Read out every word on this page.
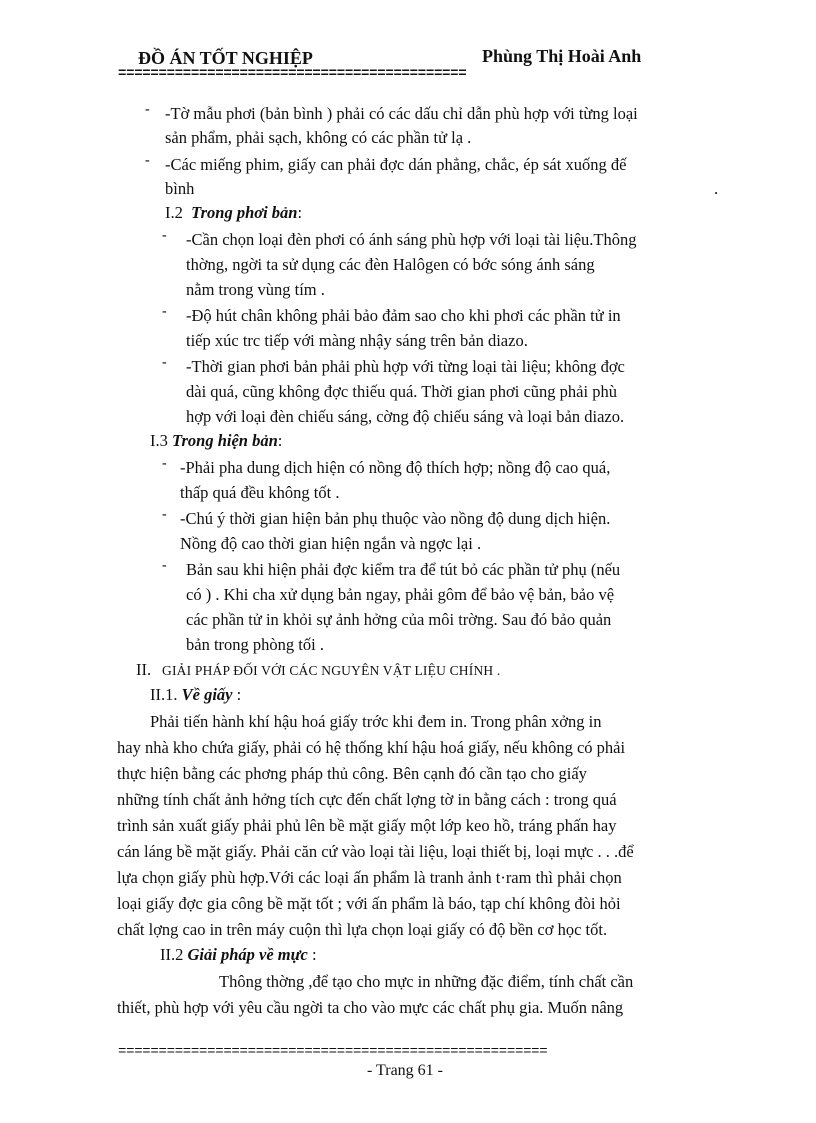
ĐỒ ÁN TỐT NGHIỆP	Phùng Thị Hoài Anh
===========================================
- -Tờ mẫu phơi (bản bình ) phải có các dấu chỉ dẫn phù hợp với từng loại
sản phẩm, phải sạch, không có các phần tử lạ .
- -Các miếng phim, giấy can phải đợc dán phẳng, chắc, ép sát xuống đế
bình	.
I.2 Trong phơi bản:
- -Cần chọn loại đèn phơi có ánh sáng phù hợp với loại tài liệu.Thông
thờng, ngời ta sử dụng các đèn Halôgen có bớc sóng ánh sáng
nằm trong vùng tím .
- -Độ hút chân không phải bảo đảm sao cho khi phơi các phần tử in
tiếp xúc trc tiếp với màng nhậy sáng trên bản diazo.
- -Thời gian phơi bản phải phù hợp với từng loại tài liệu; không đợc
dài quá, cũng không đợc thiếu quá. Thời gian phơi cũng phải phù
hợp với loại đèn chiếu sáng, cờng độ chiếu sáng và loại bản diazo.
I.3 Trong hiện bản:
- -Phải pha dung dịch hiện có nồng độ thích hợp; nồng độ cao quá,
thấp quá đều không tốt .
- -Chú ý thời gian hiện bản phụ thuộc vào nồng độ dung dịch hiện.
Nồng độ cao thời gian hiện ngắn và ngợc lại .
- Bản sau khi hiện phải đợc kiểm tra để tút bỏ các phần tử phụ (nếu
có ) . Khi cha xử dụng bản ngay, phải gôm để bảo vệ bản, bảo vệ
các phần tử in khỏi sự ảnh hởng của môi trờng. Sau đó bảo quản
bản trong phòng tối .
II. GIẢI PHÁP ĐỐI VỚI CÁC NGUYÊN VẬT LIỆU CHÍNH .
II.1. Về giấy :
Phải tiến hành khí hậu hoá giấy trớc khi đem in. Trong phân xởng in
hay nhà kho chứa giấy, phải có hệ thống khí hậu hoá giấy, nếu không có phải
thực hiện bằng các phơng pháp thủ công. Bên cạnh đó cần tạo cho giấy
những tính chất ảnh hởng tích cực đến chất lợng tờ in bằng cách : trong quá
trình sản xuất giấy phải phủ lên bề mặt giấy một lớp keo hồ, tráng phấn hay
cán láng bề mặt giấy. Phải căn cứ vào loại tài liệu, loại thiết bị, loại mực . . .để
lựa chọn giấy phù hợp.Với các loại ấn phẩm là tranh ảnh t·ram thì phải chọn
loại giấy đợc gia công bề mặt tốt ; với ấn phẩm là báo, tạp chí không đòi hỏi
chất lợng cao in trên máy cuộn thì lựa chọn loại giấy có độ bền cơ học tốt.
II.2 Giải pháp về mực :
Thông thờng ,để tạo cho mực in những đặc điểm, tính chất cần
thiết, phù hợp với yêu cầu ngời ta cho vào mực các chất phụ gia. Muốn nâng
=====================================================
- Trang 61 -
